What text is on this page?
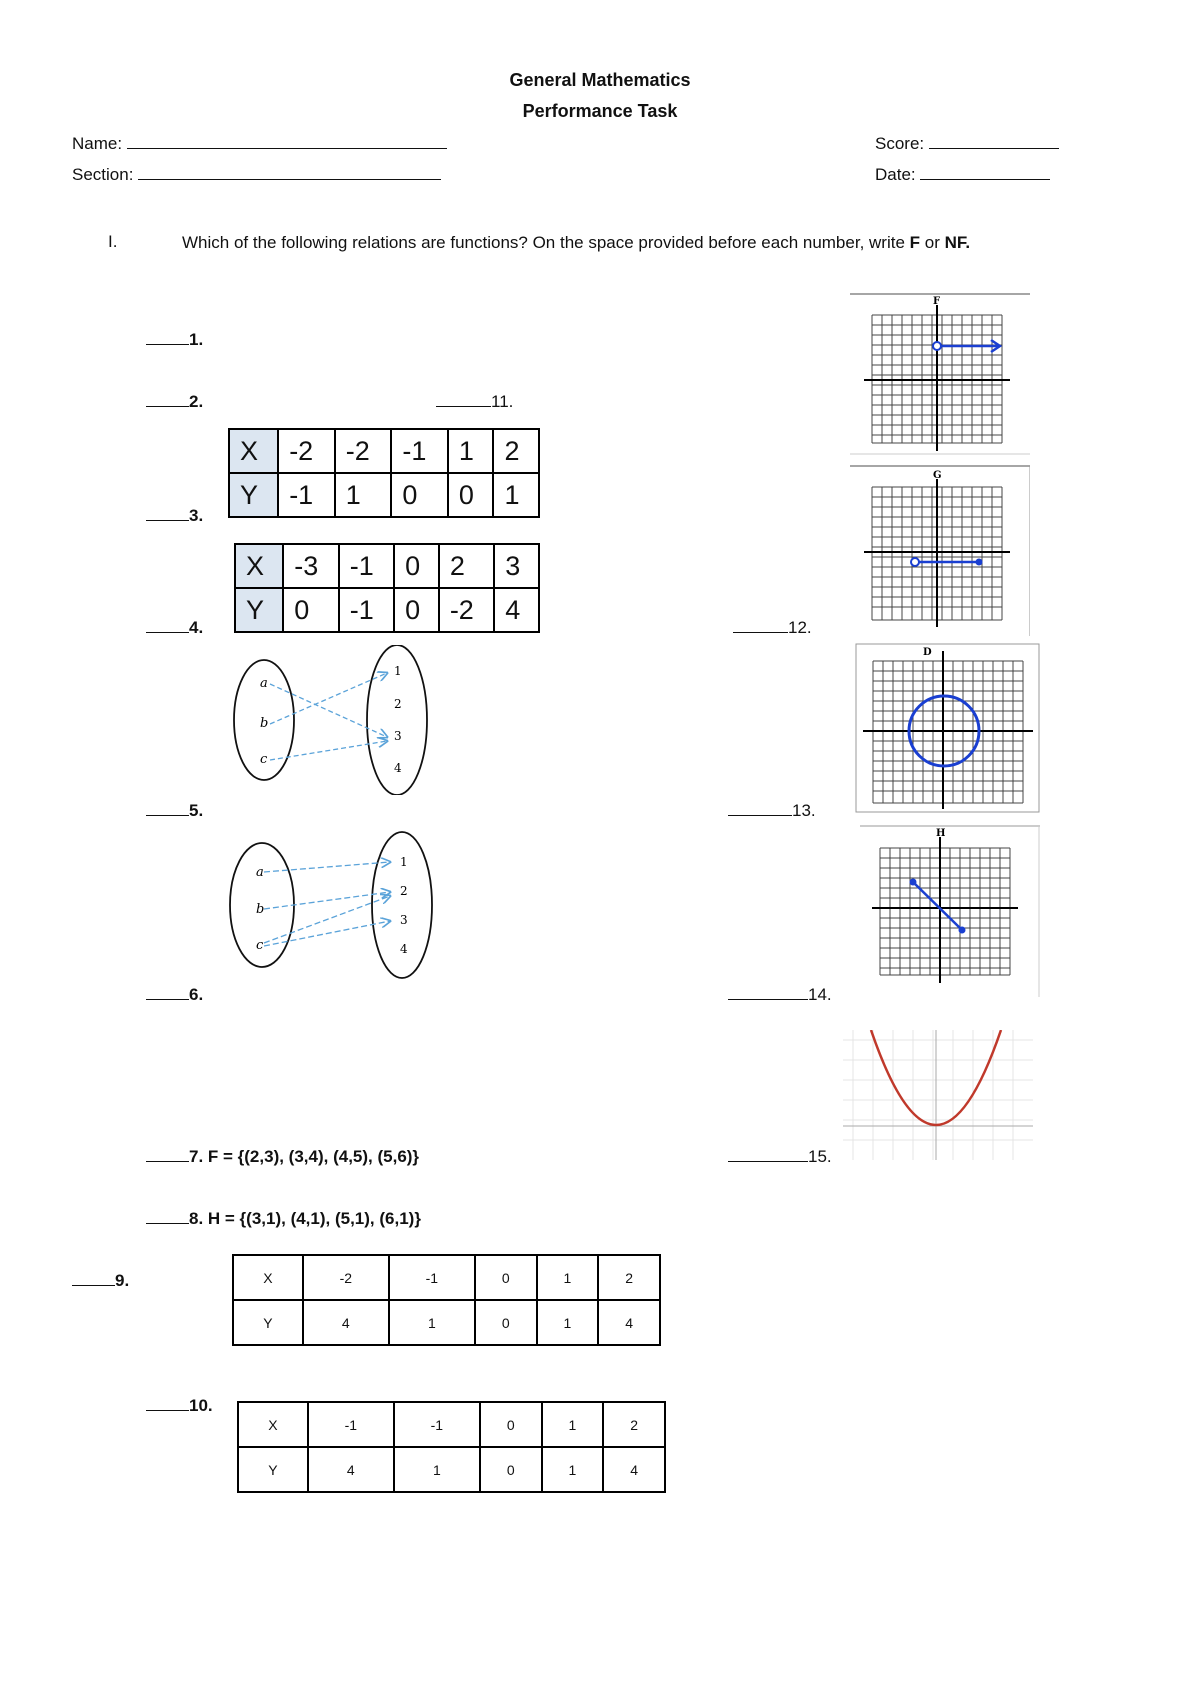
General Mathematics
Performance Task
Name:
Section:
Score:
Date:
I.	Which of the following relations are functions? On the space provided before each number, write F or NF.
1.
2.
3.
4.
5.
6.
7. F = {(2,3), (3,4), (4,5), (5,6)}
8. H = {(3,1), (4,1), (5,1), (6,1)}
9.
10.
11.
12.
13.
14.
15.
X	-2	-2	-1	1	2
Y	-1	1	0	0	1
X	-3	-1	0	2	3
Y	0	-1	0	-2	4
a
b
c
1
2
3
4
a
b
c
1
2
3
4
F
G
D
H
X	-2	-1	0	1	2
Y	4	1	0	1	4
X	-1	-1	0	1	2
Y	4	1	0	1	4
